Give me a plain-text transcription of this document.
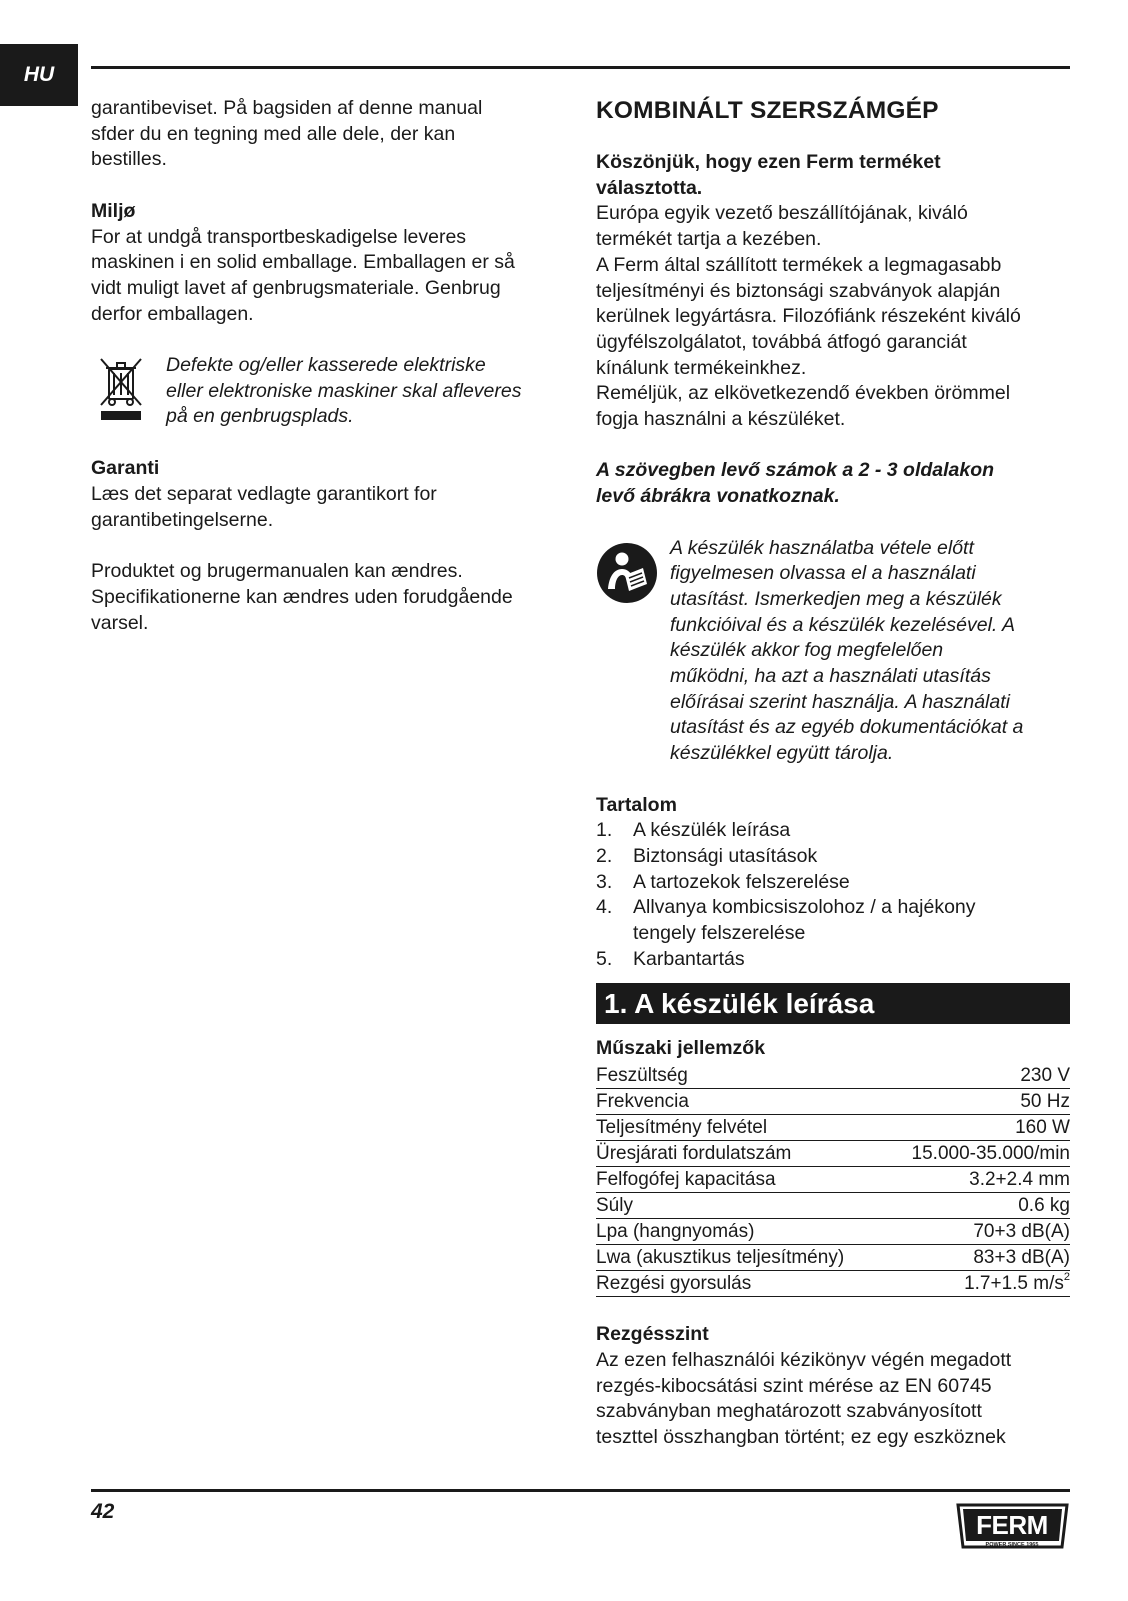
HU

garantibeviset. På bagsiden af denne manual

sfder du en tegning med alle dele, der kan

bestilles.

Miljø

For at undgå transportbeskadigelse leveres

maskinen i en solid emballage. Emballagen er så

vidt muligt lavet af genbrugsmateriale. Genbrug

derfor emballagen.

Defekte og/eller kasserede elektriske

eller elektroniske maskiner skal afleveres

på en genbrugsplads.

Garanti

Læs det separat vedlagte garantikort for

garantibetingelserne.

Produktet og brugermanualen kan ændres.

Specifikationerne kan ændres uden forudgående

varsel.

KOMBINÁLT SZERSZÁMGÉP

Köszönjük, hogy ezen Ferm terméket

választotta.

Európa egyik vezető beszállítójának, kiváló

termékét tartja a kezében.

A Ferm által szállított termékek a legmagasabb

teljesítményi és biztonsági szabványok alapján

kerülnek legyártásra. Filozófiánk részeként kiváló

ügyfélszolgálatot, továbbá átfogó garanciát

kínálunk termékeinkhez.

Reméljük, az elkövetkezendő években örömmel

fogja használni a készüléket.

A szövegben levő számok a 2 - 3 oldalakon

levő ábrákra vonatkoznak.

A készülék használatba vétele előtt

figyelmesen olvassa el a használati

utasítást. Ismerkedjen meg a készülék

funkcióival és a készülék kezelésével. A

készülék akkor fog megfelelően

működni, ha azt a használati utasítás

előírásai szerint használja. A használati

utasítást és az egyéb dokumentációkat a

készülékkel együtt tárolja.

Tartalom

1.	A készülék leírása
2.	Biztonsági utasítások
3.	A tartozekok felszerelése
4.	Allvanya kombicsiszolohoz / a hajékony
tengely felszerelése
5.	Karbantartás
1. A készülék leírása

Műszaki jellemzők

Feszültség	230 V
Frekvencia	50 Hz
Teljesítmény felvétel	160 W
Üresjárati fordulatszám	15.000-35.000/min
Felfogófej kapacitása	3.2+2.4 mm
Súly	0.6 kg
Lpa (hangnyomás)	70+3 dB(A)
Lwa (akusztikus teljesítmény)	83+3 dB(A)
Rezgési gyorsulás	1.7+1.5 $m/s^2$

Rezgésszint

Az ezen felhasználói kézikönyv végén megadott

rezgés-kibocsátási szint mérése az EN 60745

szabványban meghatározott szabványosított

teszttel összhangban történt; ez egy eszköznek

42	FERM
POWER SINCE 1965
